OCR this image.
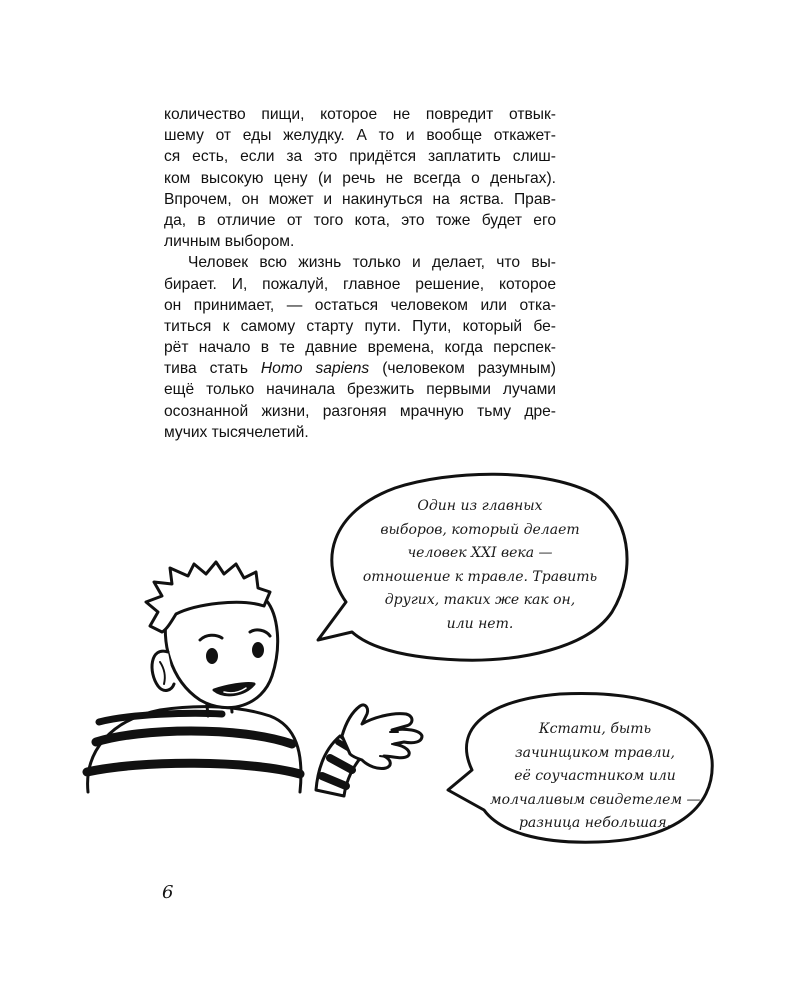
количество пищи, которое не повредит отвык-
шему от еды желудку. А то и вообще откажет-
ся есть, если за это придётся заплатить слиш-
ком высокую цену (и речь не всегда о деньгах).
Впрочем, он может и накинуться на яства. Прав-
да, в отличие от того кота, это тоже будет его
личным выбором.
Человек всю жизнь только и делает, что вы-
бирает. И, пожалуй, главное решение, которое
он принимает, — остаться человеком или отка-
титься к самому старту пути. Пути, который бе-
рёт начало в те давние времена, когда перспек-
тива стать Homo sapiens (человеком разумным)
ещё только начинала брезжить первыми лучами
осознанной жизни, разгоняя мрачную тьму дре-
мучих тысячелетий.
Один из главных
выборов, который делает
человек XXI века —
отношение к травле. Травить
других, таких же как он,
или нет.
Кстати, быть
зачинщиком травли,
её соучастником или
молчаливым свидетелем —
разница небольшая.
6
